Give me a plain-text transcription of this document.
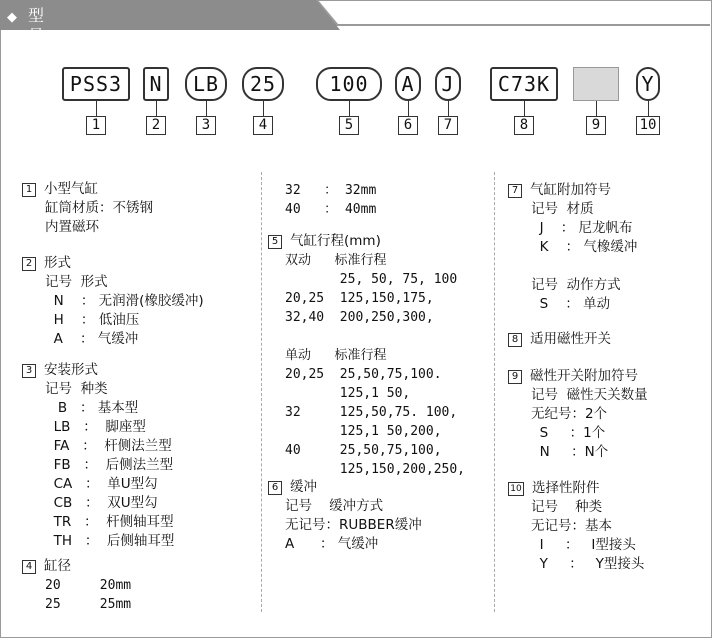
◆ 型号表示方式
PSS3	N	LB	25	100	A	J	C73K	Y
1	2	3	4	5	6	7	8	9	10
1 小型气缸
缸筒材质：不锈钢
内置磁环
2 形式
记号  形式
N    ： 无润滑(橡胶缓冲)
H    ： 低油压
A    ： 气缓冲
3 安装形式
记号  种类
B   ： 基本型
LB   ：  脚座型
FA   ：  杆侧法兰型
FB   ：  后侧法兰型
CA   ：  单U型勾
CB   ：  双U型勾
TR   ：  杆侧轴耳型
TH   ：  后侧轴耳型
4 缸径
20     20mm
25     25mm
32   ： 32mm
40   ： 40mm
5 气缸行程(mm)
双动   标准行程
25, 50, 75, 100
20,25  125,150,175,
32,40  200,250,300,
单动   标准行程
20,25  25,50,75,100.
125,1 50,
32     125,50,75. 100,
125,1 50,200,
40     25,50,75,100,
125,150,200,250,
6 缓冲
记号    缓冲方式
无记号：RUBBER缓冲
A      ： 气缓冲
7 气缸附加符号
记号  材质
J    ： 尼龙帆布
K    ： 气橡缓冲
记号  动作方式
S    ： 单动
8 适用磁性开关
9 磁性开关附加符号
记号  磁性天关数量
无纪号：2个
S     ：1个
N     ：N个
10 选择性附件
记号    种类
无记号：基本
I     ：   I型接头
Y     ：   Y型接头
